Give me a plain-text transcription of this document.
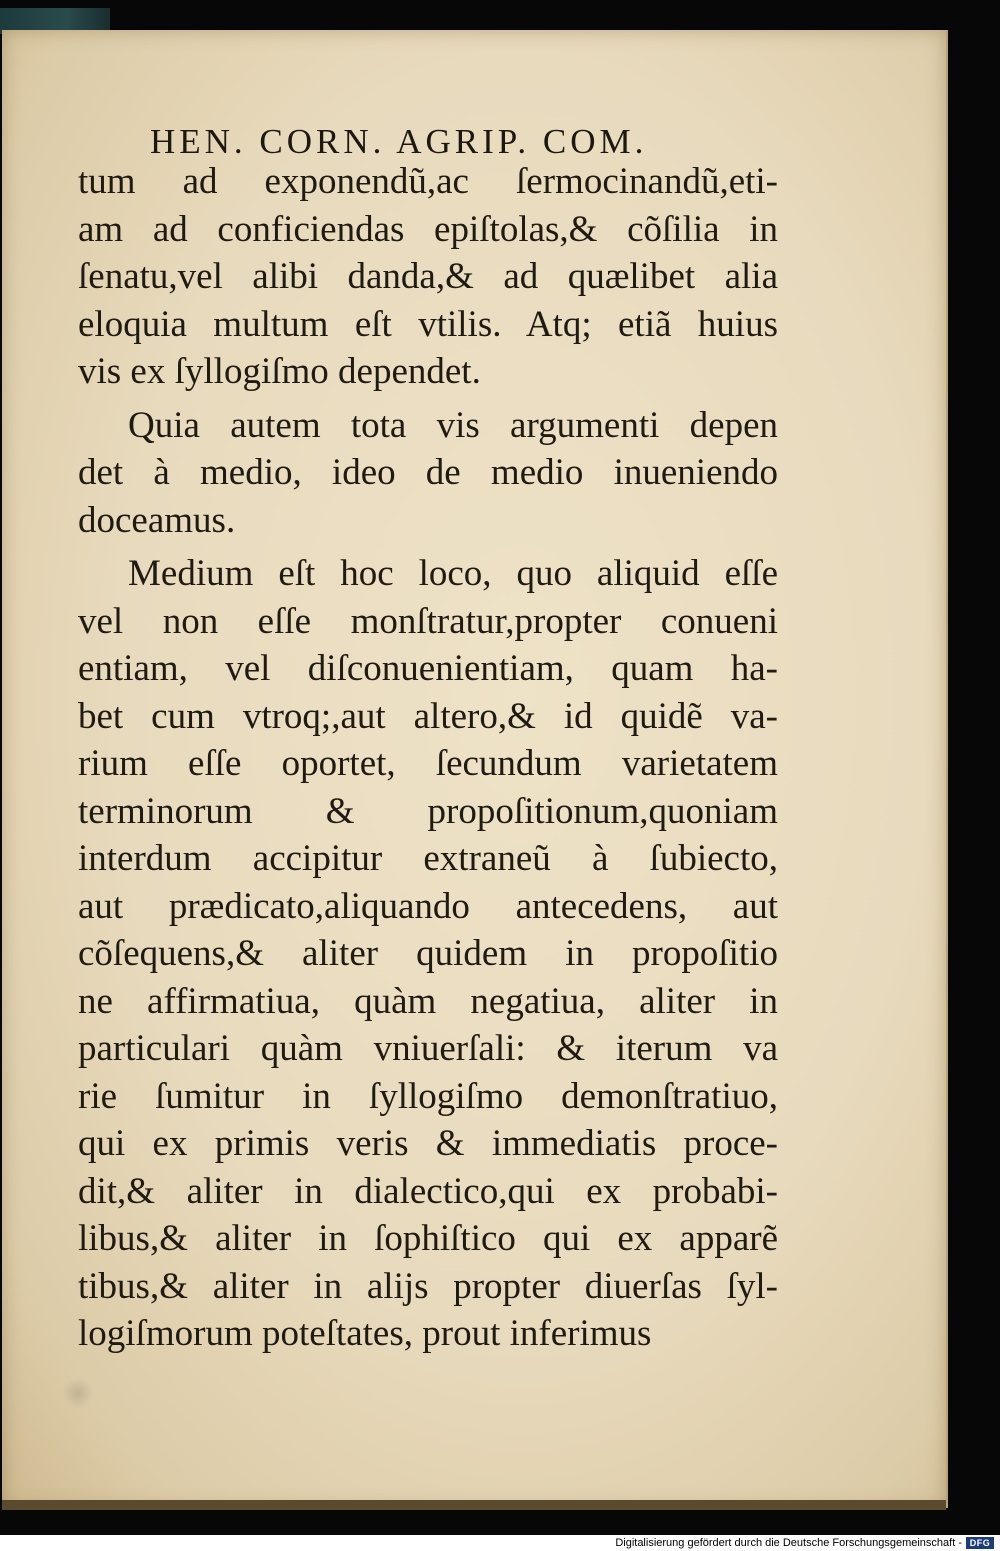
HEN. CORN. AGRIP. COM.
tum ad exponendũ,ac ſermocinandũ,eti-
am ad conficiendas epiſtolas,& cõſilia in
ſenatu,vel alibi danda,& ad quælibet alia
eloquia multum eſt vtilis. Atq; etiã huius
vis ex ſyllogiſmo dependet.
Quia autem tota vis argumenti depen
det à medio, ideo de medio inueniendo
doceamus.
Medium eſt hoc loco, quo aliquid eſſe
vel non eſſe monſtratur,propter conueni
entiam, vel diſconuenientiam, quam ha-
bet cum vtroq;,aut altero,& id quidẽ va-
rium eſſe oportet, ſecundum varietatem
terminorum & propoſitionum,quoniam
interdum accipitur extraneũ à ſubiecto,
aut prædicato,aliquando antecedens, aut
cõſequens,& aliter quidem in propoſitio
ne affirmatiua, quàm negatiua, aliter in
particulari quàm vniuerſali: & iterum va
rie ſumitur in ſyllogiſmo demonſtratiuo,
qui ex primis veris & immediatis proce-
dit,& aliter in dialectico,qui ex probabi-
libus,& aliter in ſophiſtico qui ex apparẽ
tibus,& aliter in aliјs propter diuerſas ſyl-
logiſmorum poteſtates, prout inferimus
Digitalisierung gefördert durch die Deutsche Forschungsgemeinschaft - DFG
